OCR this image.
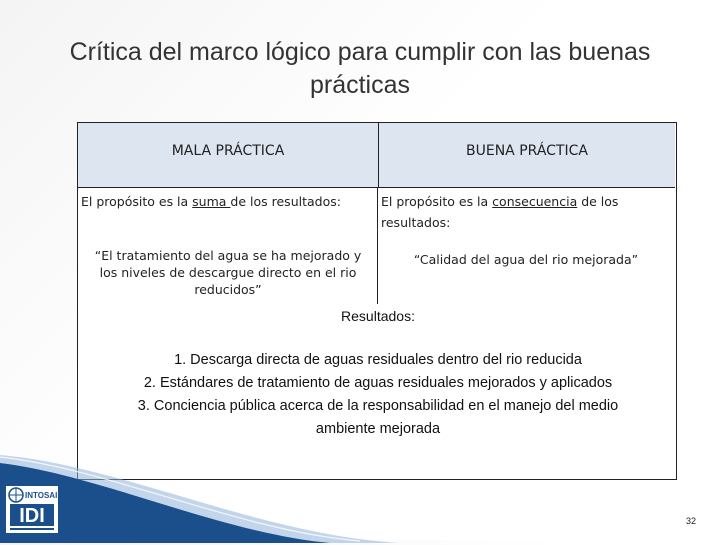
Crítica del marco lógico para cumplir con las buenas prácticas
MALA PRÁCTICA	BUENA PRÁCTICA
El propósito es la suma de los resultados:	El propósito es la consecuencia de los resultados:
“El tratamiento del agua se ha mejorado y los niveles de descargue directo en el rio reducidos”
“Calidad del agua del rio mejorada”
Resultados:
1. Descarga directa de aguas residuales dentro del rio reducida
2. Estándares de tratamiento de aguas residuales mejorados y aplicados
3. Conciencia pública acerca de la responsabilidad en el manejo del medio ambiente mejorada
INTOSAI
IDI	32
